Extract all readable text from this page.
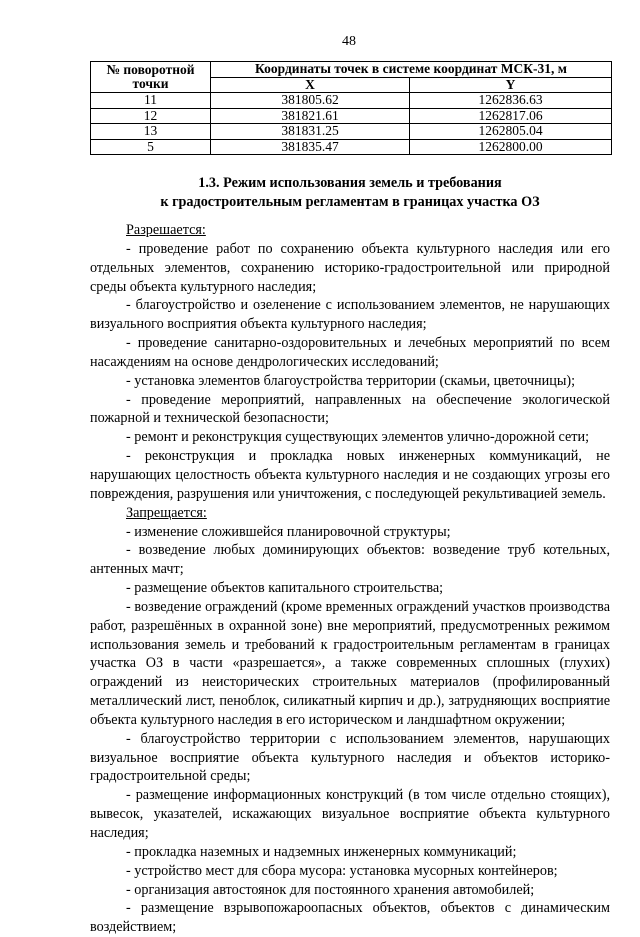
48
№ поворотной
точки	Координаты точек в системе координат МСК-31, м	
	X	Y
11	381805.62	1262836.63
12	381821.61	1262817.06
13	381831.25	1262805.04
5	381835.47	1262800.00
1.3. Режим использования земель и требования
к градостроительным регламентам в границах участка ОЗ

Разрешается:

- проведение работ по сохранению объекта культурного наследия или его отдельных элементов, сохранению историко-градостроительной или природной среды объекта культурного наследия;

- благоустройство и озеленение с использованием элементов, не нарушающих визуального восприятия объекта культурного наследия;

- проведение санитарно-оздоровительных и лечебных мероприятий по всем насаждениям на основе дендрологических исследований;

- установка элементов благоустройства территории (скамьи, цветочницы);

- проведение мероприятий, направленных на обеспечение экологической пожарной и технической безопасности;

- ремонт и реконструкция существующих элементов улично-дорожной сети;

- реконструкция и прокладка новых инженерных коммуникаций, не нарушающих целостность объекта культурного наследия и не создающих угрозы его повреждения, разрушения или уничтожения, с последующей рекультивацией земель.

Запрещается:

- изменение сложившейся планировочной структуры;

- возведение любых доминирующих объектов: возведение труб котельных, антенных мачт;

- размещение объектов капитального строительства;

- возведение ограждений (кроме временных ограждений участков производства работ, разрешённых в охранной зоне) вне мероприятий, предусмотренных режимом использования земель и требований к градостроительным регламентам в границах участка ОЗ в части «разрешается», а также современных сплошных (глухих) ограждений из неисторических строительных материалов (профилированный металлический лист, пеноблок, силикатный кирпич и др.), затрудняющих восприятие объекта культурного наследия в его историческом и ландшафтном окружении;

- благоустройство территории с использованием элементов, нарушающих визуальное восприятие объекта культурного наследия и объектов историко-градостроительной среды;

- размещение информационных конструкций (в том числе отдельно стоящих), вывесок, указателей, искажающих визуальное восприятие объекта культурного наследия;

- прокладка наземных и надземных инженерных коммуникаций;

- устройство мест для сбора мусора: установка мусорных контейнеров;

- организация автостоянок для постоянного хранения автомобилей;

- размещение взрывопожароопасных объектов, объектов с динамическим воздействием;
